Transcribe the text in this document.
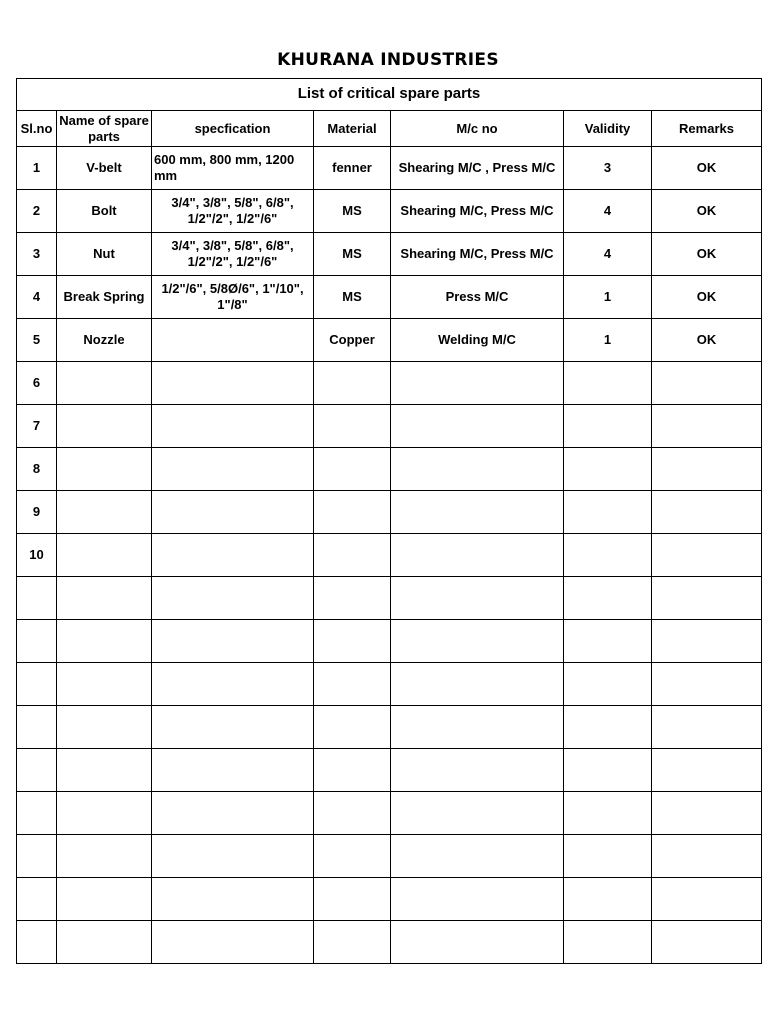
KHURANA INDUSTRIES
List of critical spare parts						
Sl.no	Name of spare parts	specfication	Material	M/c no	Validity	Remarks
1	V-belt	600 mm, 800 mm, 1200 mm	fenner	Shearing M/C , Press M/C	3	OK
2	Bolt	3/4", 3/8", 5/8", 6/8", 1/2"/2", 1/2"/6"	MS	Shearing M/C, Press M/C	4	OK
3	Nut	3/4", 3/8", 5/8", 6/8", 1/2"/2", 1/2"/6"	MS	Shearing M/C, Press M/C	4	OK
4	Break Spring	1/2"/6", 5/8Ø/6", 1"/10", 1"/8"	MS	Press M/C	1	OK
5	Nozzle		Copper	Welding M/C	1	OK
6						
7						
8						
9						
10						
